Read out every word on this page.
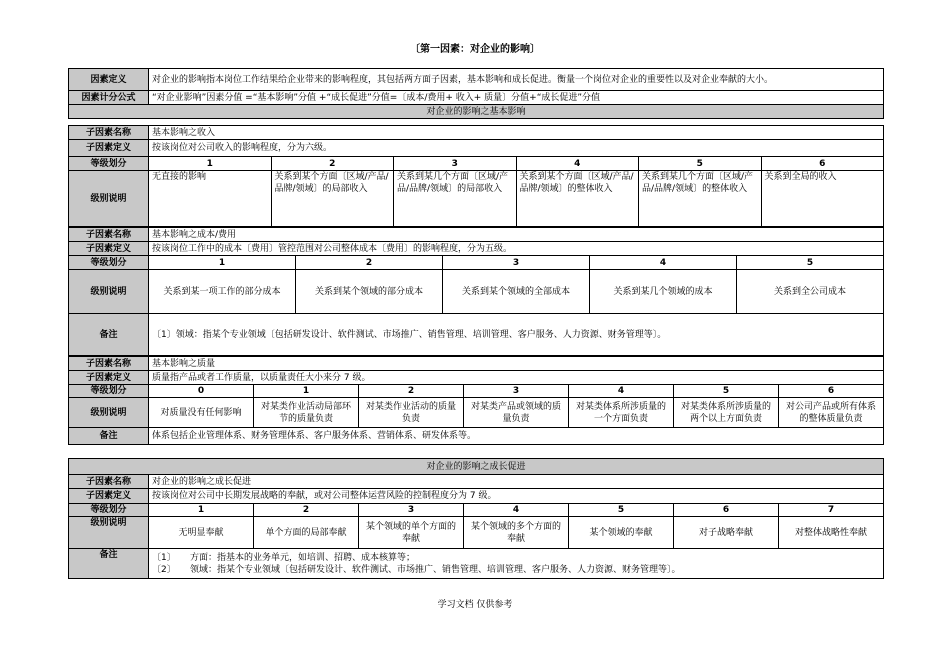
〔第一因素：对企业的影响〕
因素定义	对企业的影响指本岗位工作结果给企业带来的影响程度，其包括两方面子因素，基本影响和成长促进。衡量一个岗位对企业的重要性以及对企业奉献的大小。
因素计分公式	“对企业影响”因素分值 =“基本影响”分值 +“成长促进”分值=〔成本/费用+ 收入+ 质量〕分值+“成长促进”分值
对企业的影响之基本影响	
子因素名称	基本影响之收入					
子因素定义	按该岗位对公司收入的影响程度，分为六级。					
等级划分	1	2	3	4	5	6
级别说明	无直接的影响	关系到某个方面〔区域/产品/品牌/领域〕的局部收入	关系到某几个方面〔区域/产品/品牌/领域〕的局部收入	关系到某个方面〔区域/产品/品牌/领域〕的整体收入	关系到某几个方面〔区域/产品/品牌/领域〕的整体收入	关系到全局的收入
子因素名称	基本影响之成本/费用				
子因素定义	按该岗位工作中的成本〔费用〕管控范围对公司整体成本〔费用〕的影响程度，分为五级。				
等级划分	1	2	3	4	5
级别说明	关系到某一项工作的部分成本	关系到某个领域的部分成本	关系到某个领域的全部成本	关系到某几个领域的成本	关系到全公司成本
备注	〔1〕领域：指某个专业领域〔包括研发设计、软件测试、市场推广、销售管理、培训管理、客户服务、人力资源、财务管理等〕。				
子因素名称	基本影响之质量						
子因素定义	质量指产品或者工作质量，以质量责任大小来分 7 级。						
等级划分	0	1	2	3	4	5	6
级别说明	对质量没有任何影响	对某类作业活动局部环节的质量负责	对某类作业活动的质量负责	对某类产品或领域的质量负责	对某类体系所涉质量的一个方面负责	对某类体系所涉质量的两个以上方面负责	对公司产品或所有体系的整体质量负责
备注	体系包括企业管理体系、财务管理体系、客户服务体系、营销体系、研发体系等。						
对企业的影响之成长促进							
子因素名称	对企业的影响之成长促进						
子因素定义	按该岗位对公司中长期发展战略的奉献，或对公司整体运营风险的控制程度分为 7 级。						
等级划分	1	2	3	4	5	6	7
级别说明	无明显奉献	单个方面的局部奉献	某个领域的单个方面的奉献	某个领域的多个方面的奉献	某个领域的奉献	对子战略奉献	对整体战略性奉献
备注	〔1〕     方面：指基本的业务单元，如培训、招聘、成本核算等；
〔2〕     领域：指某个专业领域〔包括研发设计、软件测试、市场推广、销售管理、培训管理、客户服务、人力资源、财务管理等〕。						
学习文档 仅供参考
